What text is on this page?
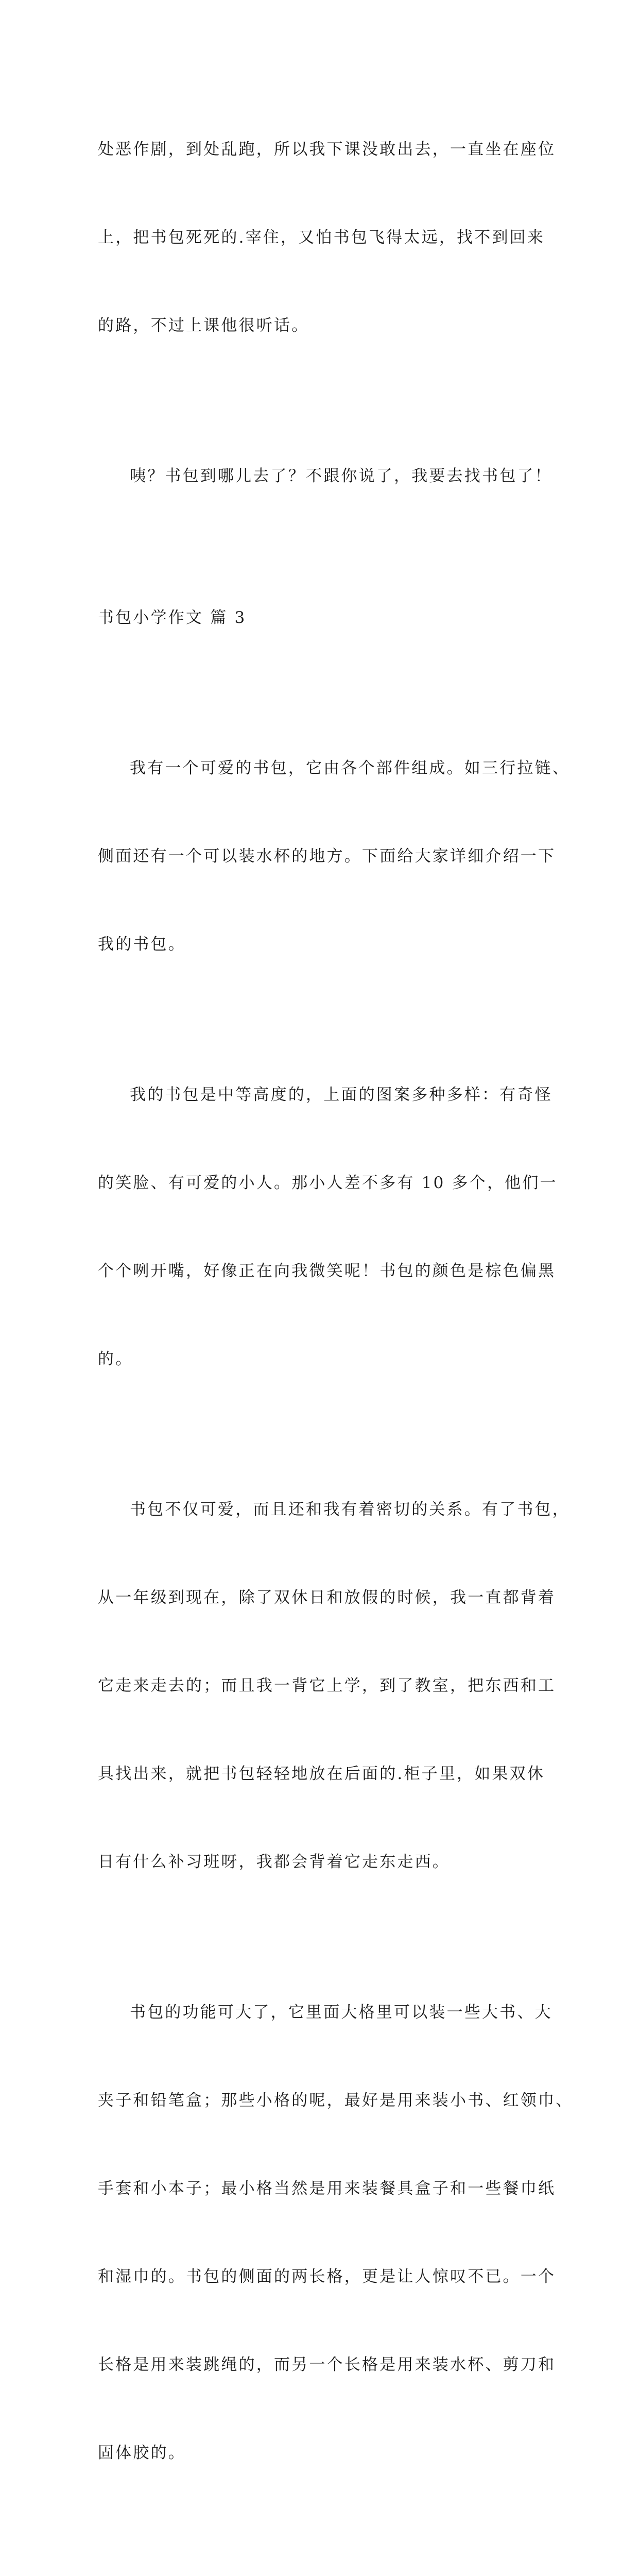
处恶作剧，到处乱跑，所以我下课没敢出去，一直坐在座位

上，把书包死死的.宰住，又怕书包飞得太远，找不到回来

的路，不过上课他很听话。

咦？书包到哪儿去了？不跟你说了，我要去找书包了！

书包小学作文 篇 3

我有一个可爱的书包，它由各个部件组成。如三行拉链、

侧面还有一个可以装水杯的地方。下面给大家详细介绍一下

我的书包。

我的书包是中等高度的，上面的图案多种多样：有奇怪

的笑脸、有可爱的小人。那小人差不多有 10 多个，他们一

个个咧开嘴，好像正在向我微笑呢！书包的颜色是棕色偏黑

的。

书包不仅可爱，而且还和我有着密切的关系。有了书包，

从一年级到现在，除了双休日和放假的时候，我一直都背着

它走来走去的；而且我一背它上学，到了教室，把东西和工

具找出来，就把书包轻轻地放在后面的.柜子里，如果双休

日有什么补习班呀，我都会背着它走东走西。

书包的功能可大了，它里面大格里可以装一些大书、大

夹子和铅笔盒；那些小格的呢，最好是用来装小书、红领巾、

手套和小本子；最小格当然是用来装餐具盒子和一些餐巾纸

和湿巾的。书包的侧面的两长格，更是让人惊叹不已。一个

长格是用来装跳绳的，而另一个长格是用来装水杯、剪刀和

固体胶的。
